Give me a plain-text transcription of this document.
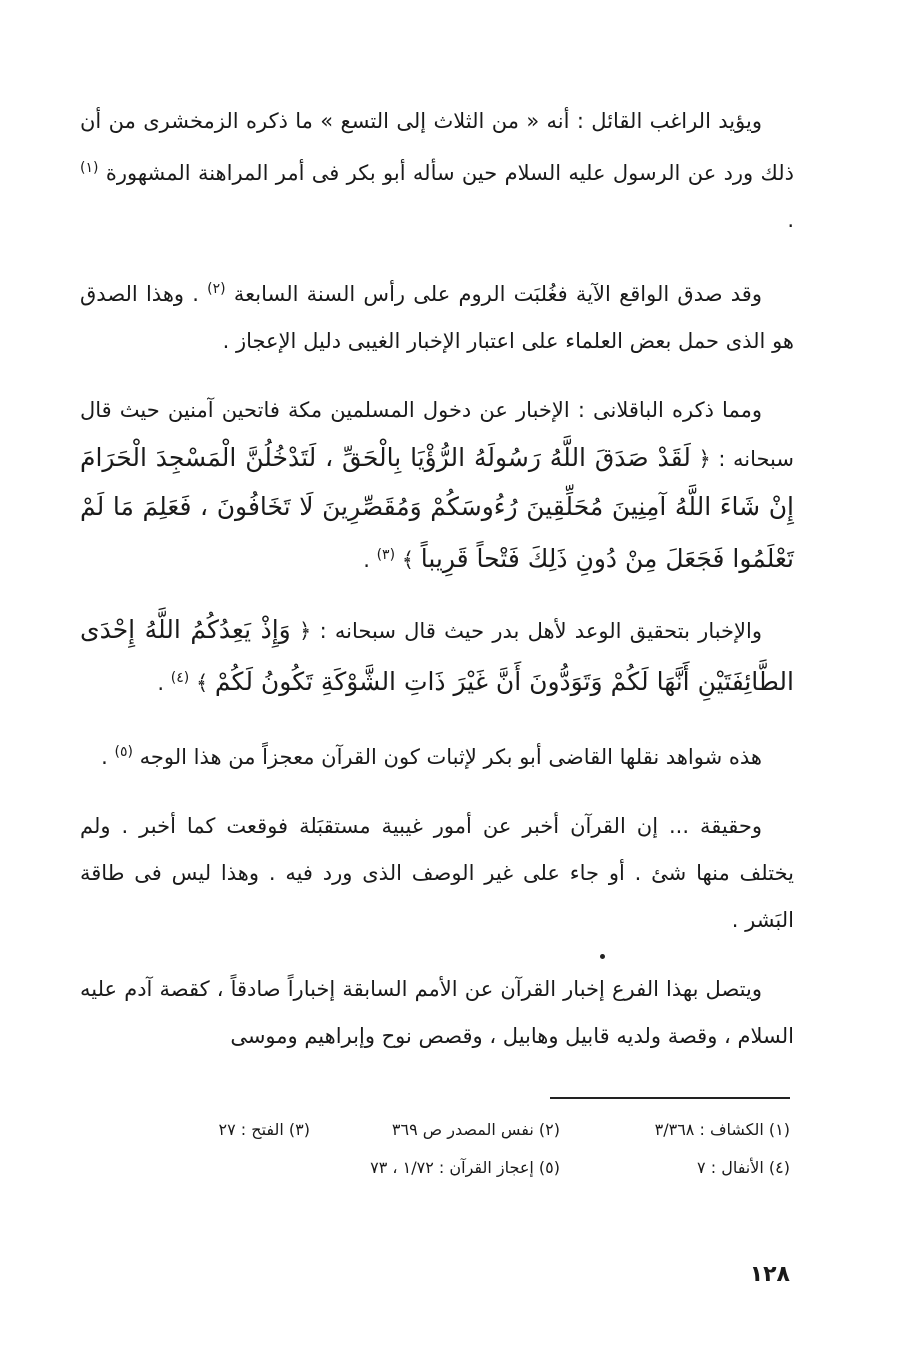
ويؤيد الراغب القائل : أنه « من الثلاث إلى التسع » ما ذكره الزمخشرى من أن ذلك ورد عن الرسول عليه السلام حين سأله أبو بكر فى أمر المراهنة المشهورة $^{(١)}$ .

وقد صدق الواقع الآية فغُلبَت الروم على رأس السنة السابعة $^{(٢)}$ . وهذا الصدق هو الذى حمل بعض العلماء على اعتبار الإخبار الغيبى دليل الإعجاز .

ومما ذكره الباقلانى : الإخبار عن دخول المسلمين مكة فاتحين آمنين حيث قال سبحانه : ﴿ لَقَدْ صَدَقَ اللَّهُ رَسُولَهُ الرُّؤْيَا بِالْحَقِّ ، لَتَدْخُلُنَّ الْمَسْجِدَ الْحَرَامَ إِنْ شَاءَ اللَّهُ آمِنِينَ مُحَلِّقِينَ رُءُوسَكُمْ وَمُقَصِّرِينَ لَا تَخَافُونَ ، فَعَلِمَ مَا لَمْ تَعْلَمُوا فَجَعَلَ مِنْ دُونِ ذَلِكَ فَتْحاً قَرِيباً ﴾ $^{(٣)}$ .

والإخبار بتحقيق الوعد لأهل بدر حيث قال سبحانه : ﴿ وَإِذْ يَعِدُكُمُ اللَّهُ إِحْدَى الطَّائِفَتَيْنِ أَنَّهَا لَكُمْ وَتَوَدُّونَ أَنَّ غَيْرَ ذَاتِ الشَّوْكَةِ تَكُونُ لَكُمْ ﴾ $^{(٤)}$ .

هذه شواهد نقلها القاضى أبو بكر لإثبات كون القرآن معجزاً من هذا الوجه $^{(٥)}$ .

وحقيقة ... إن القرآن أخبر عن أمور غيبية مستقبَلة فوقعت كما أخبر . ولم يختلف منها شئ . أو جاء على غير الوصف الذى ورد فيه . وهذا ليس فى طاقة البَشر .

ويتصل بهذا الفرع إخبار القرآن عن الأمم السابقة إخباراً صادقاً ، كقصة آدم عليه السلام ، وقصة ولديه قابيل وهابيل ، وقصص نوح وإبراهيم وموسى

(١) الكشاف : ٣/٣٦٨
(٢) نفس المصدر ص ٣٦٩
(٣) الفتح : ٢٧
(٤) الأنفال : ٧
(٥) إعجاز القرآن : ١/٧٢ ، ٧٣
١٢٨
